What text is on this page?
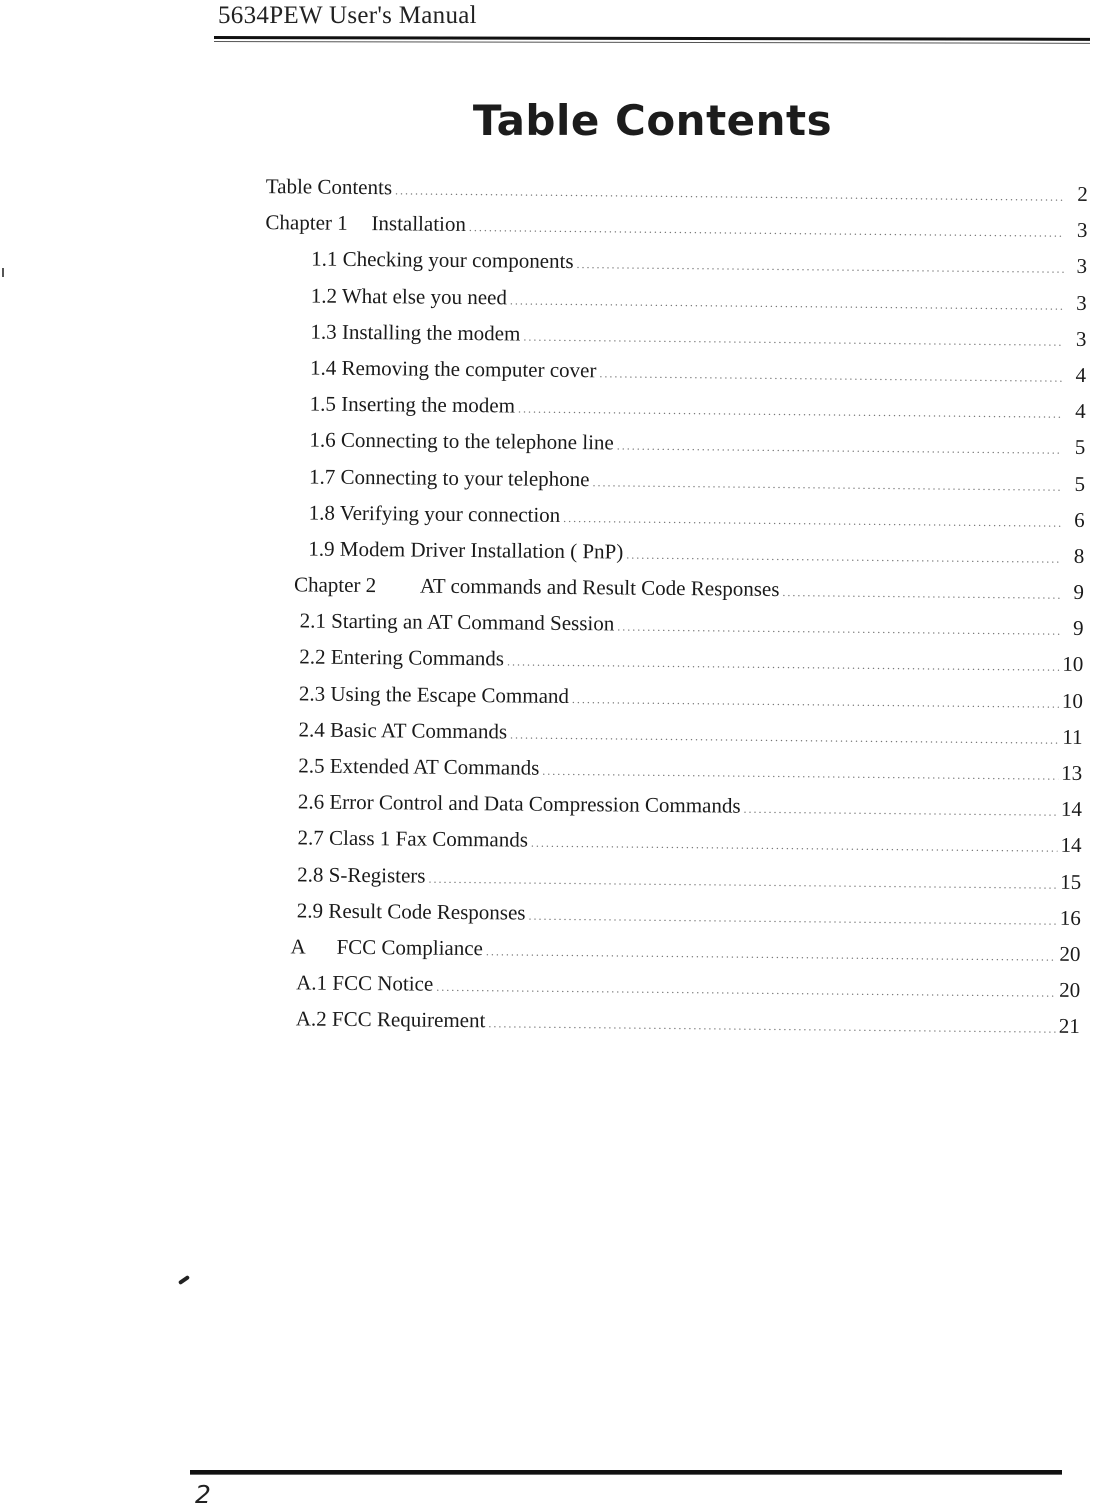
5634PEW User's Manual
Table Contents
Table Contents .....	2
Chapter 1 Installation .....	3
1.1 Checking your components .....	3
1.2 What else you need .....	3
1.3 Installing the modem .....	3
1.4 Removing the computer cover .....	4
1.5 Inserting the modem .....	4
1.6 Connecting to the telephone line .....	5
1.7 Connecting to your telephone .....	5
1.8 Verifying your connection .....	6
1.9 Modem Driver Installation ( PnP) .....	8
Chapter 2 AT commands and Result Code Responses .....	9
2.1 Starting an AT Command Session .....	9
2.2 Entering Commands .....	10
2.3 Using the Escape Command .....	10
2.4 Basic AT Commands .....	11
2.5 Extended AT Commands .....	13
2.6 Error Control and Data Compression Commands .....	14
2.7 Class 1 Fax Commands .....	14
2.8 S-Registers .....	15
2.9 Result Code Responses .....	16
A FCC Compliance .....	20
A.1 FCC Notice .....	20
A.2 FCC Requirement .....	21
2
